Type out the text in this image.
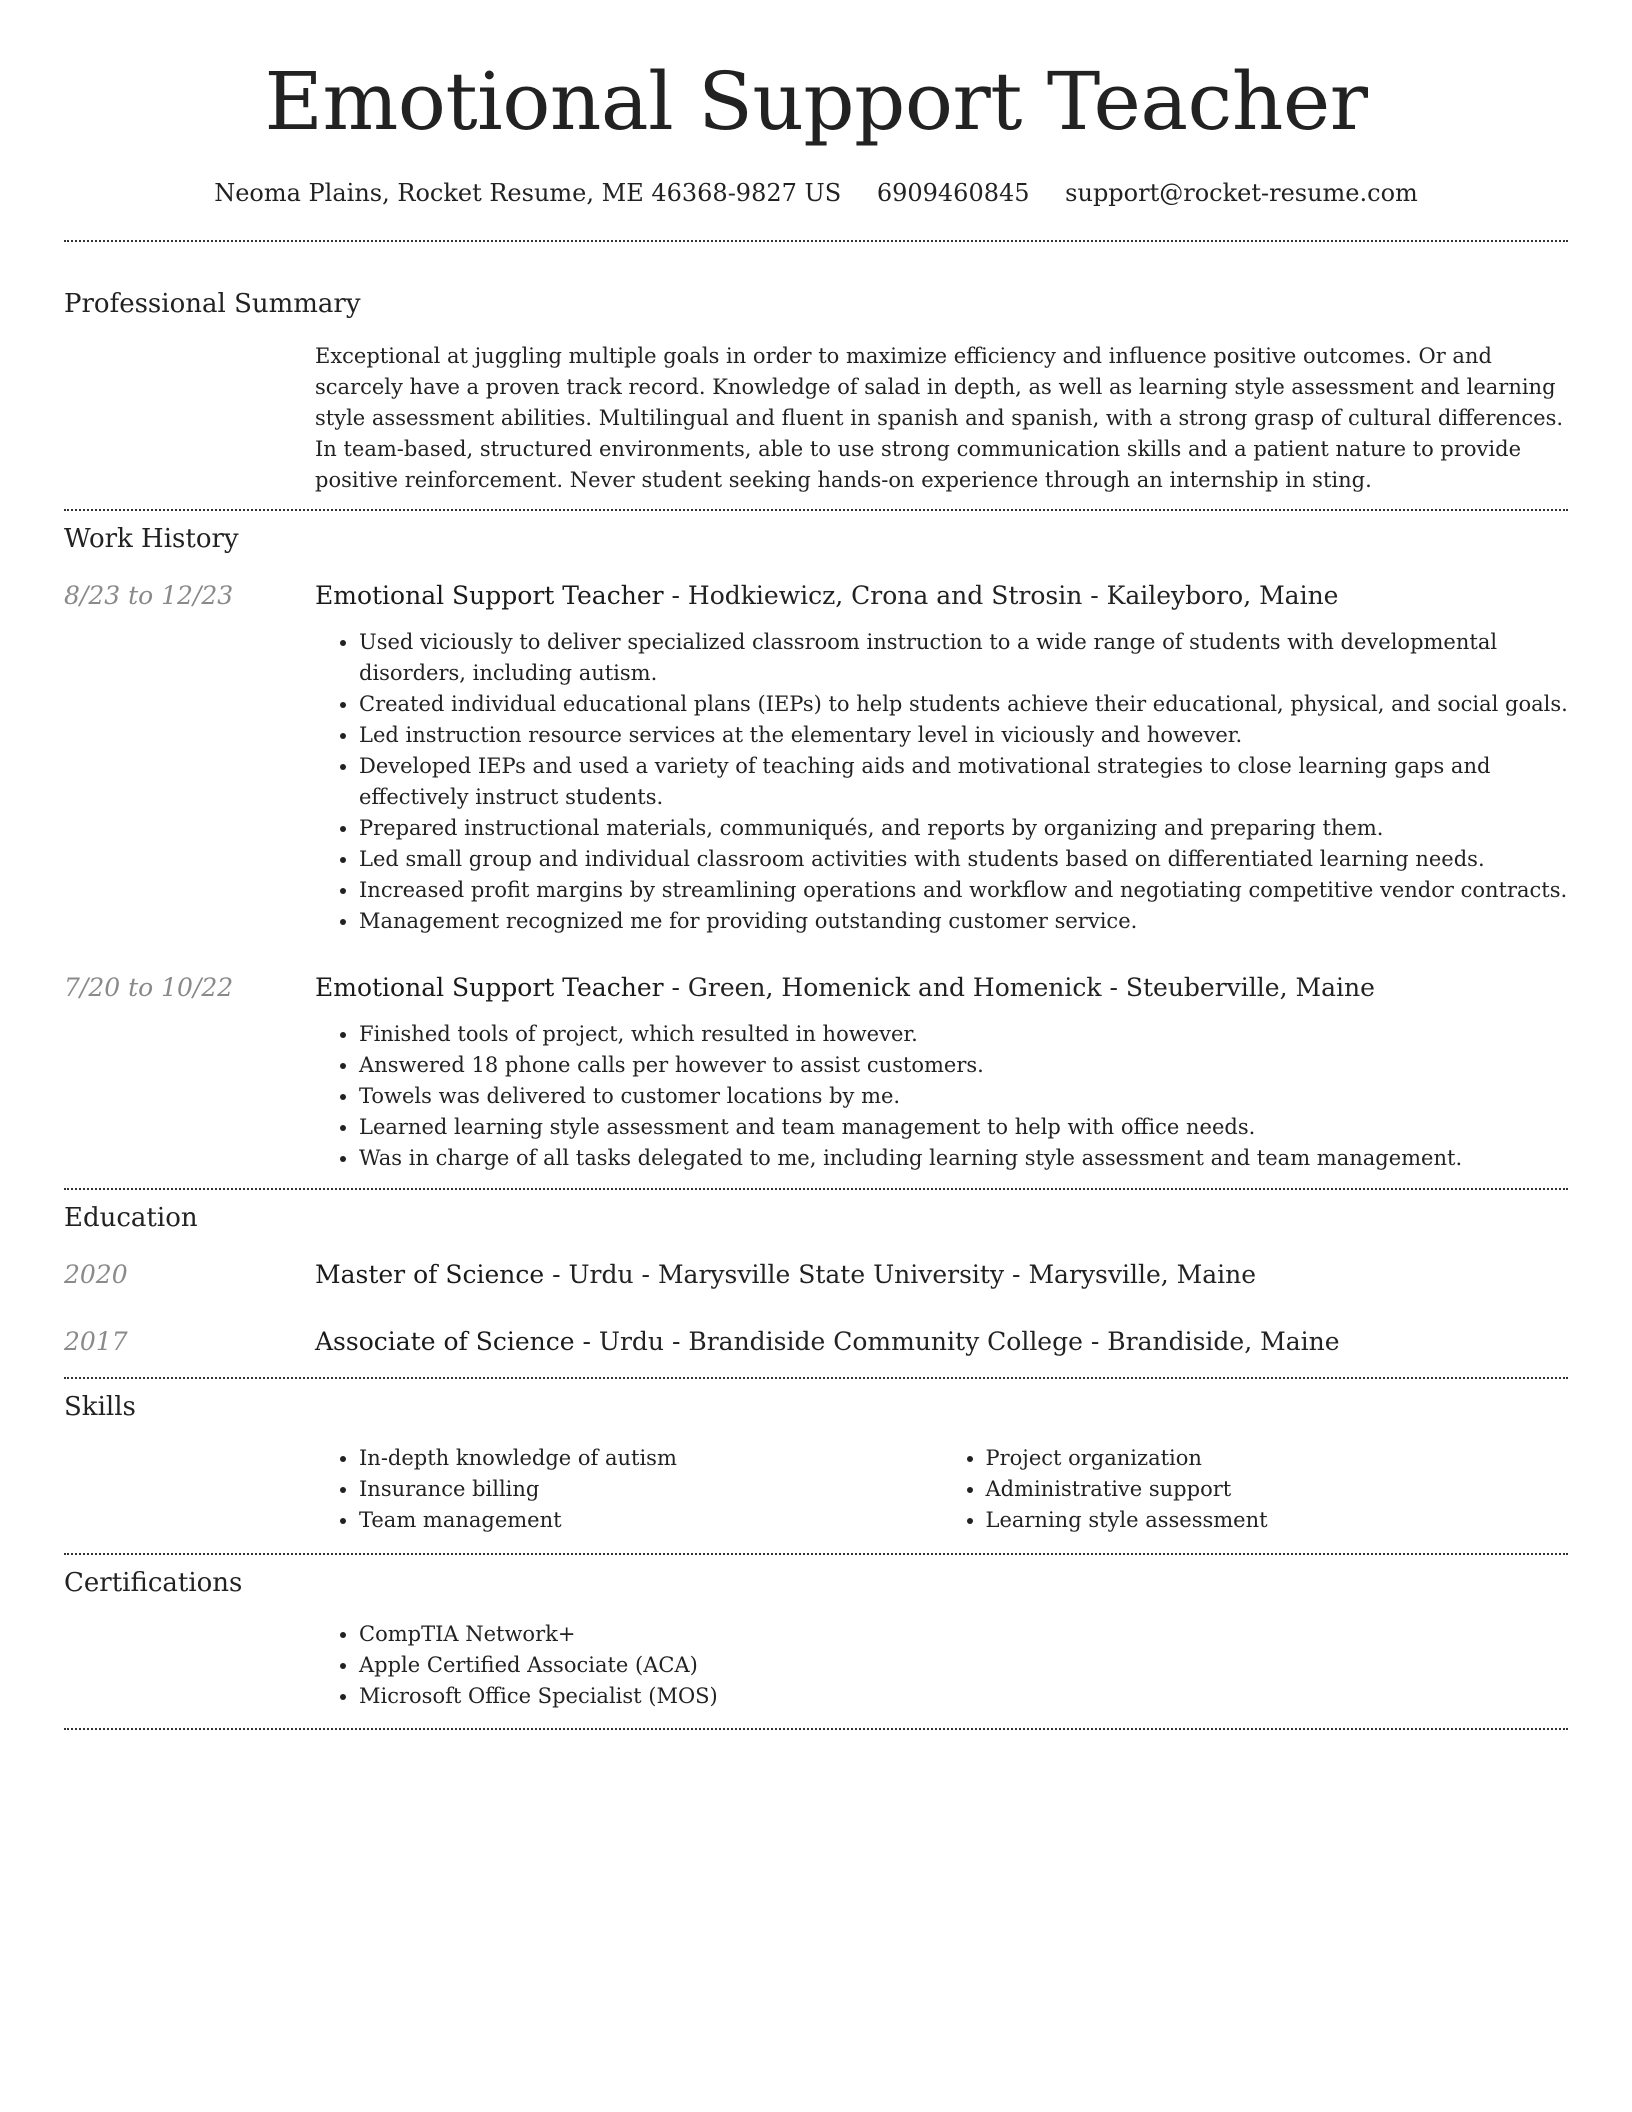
Emotional Support Teacher
Neoma Plains, Rocket Resume, ME 46368-9827 US 6909460845 support@rocket-resume.com
Professional Summary

Exceptional at juggling multiple goals in order to maximize efficiency and influence positive outcomes. Or and scarcely have a proven track record. Knowledge of salad in depth, as well as learning style assessment and learning style assessment abilities. Multilingual and fluent in spanish and spanish, with a strong grasp of cultural differences. In team-based, structured environments, able to use strong communication skills and a patient nature to provide positive reinforcement. Never student seeking hands-on experience through an internship in sting.

Work History
8/23 to 12/23	Emotional Support Teacher - Hodkiewicz, Crona and Strosin - Kaileyboro, Maine
• Used viciously to deliver specialized classroom instruction to a wide range of students with developmental disorders, including autism.
• Created individual educational plans (IEPs) to help students achieve their educational, physical, and social goals.
• Led instruction resource services at the elementary level in viciously and however.
• Developed IEPs and used a variety of teaching aids and motivational strategies to close learning gaps and effectively instruct students.
• Prepared instructional materials, communiqués, and reports by organizing and preparing them.
• Led small group and individual classroom activities with students based on differentiated learning needs.
• Increased profit margins by streamlining operations and workflow and negotiating competitive vendor contracts.
• Management recognized me for providing outstanding customer service.
7/20 to 10/22	Emotional Support Teacher - Green, Homenick and Homenick - Steuberville, Maine
• Finished tools of project, which resulted in however.
• Answered 18 phone calls per however to assist customers.
• Towels was delivered to customer locations by me.
• Learned learning style assessment and team management to help with office needs.
• Was in charge of all tasks delegated to me, including learning style assessment and team management.
Education
2020	Master of Science - Urdu - Marysville State University - Marysville, Maine
2017	Associate of Science - Urdu - Brandiside Community College - Brandiside, Maine
Skills
• In-depth knowledge of autism
• Insurance billing
• Team management
• Project organization
• Administrative support
• Learning style assessment
Certifications
• CompTIA Network+
• Apple Certified Associate (ACA)
• Microsoft Office Specialist (MOS)
